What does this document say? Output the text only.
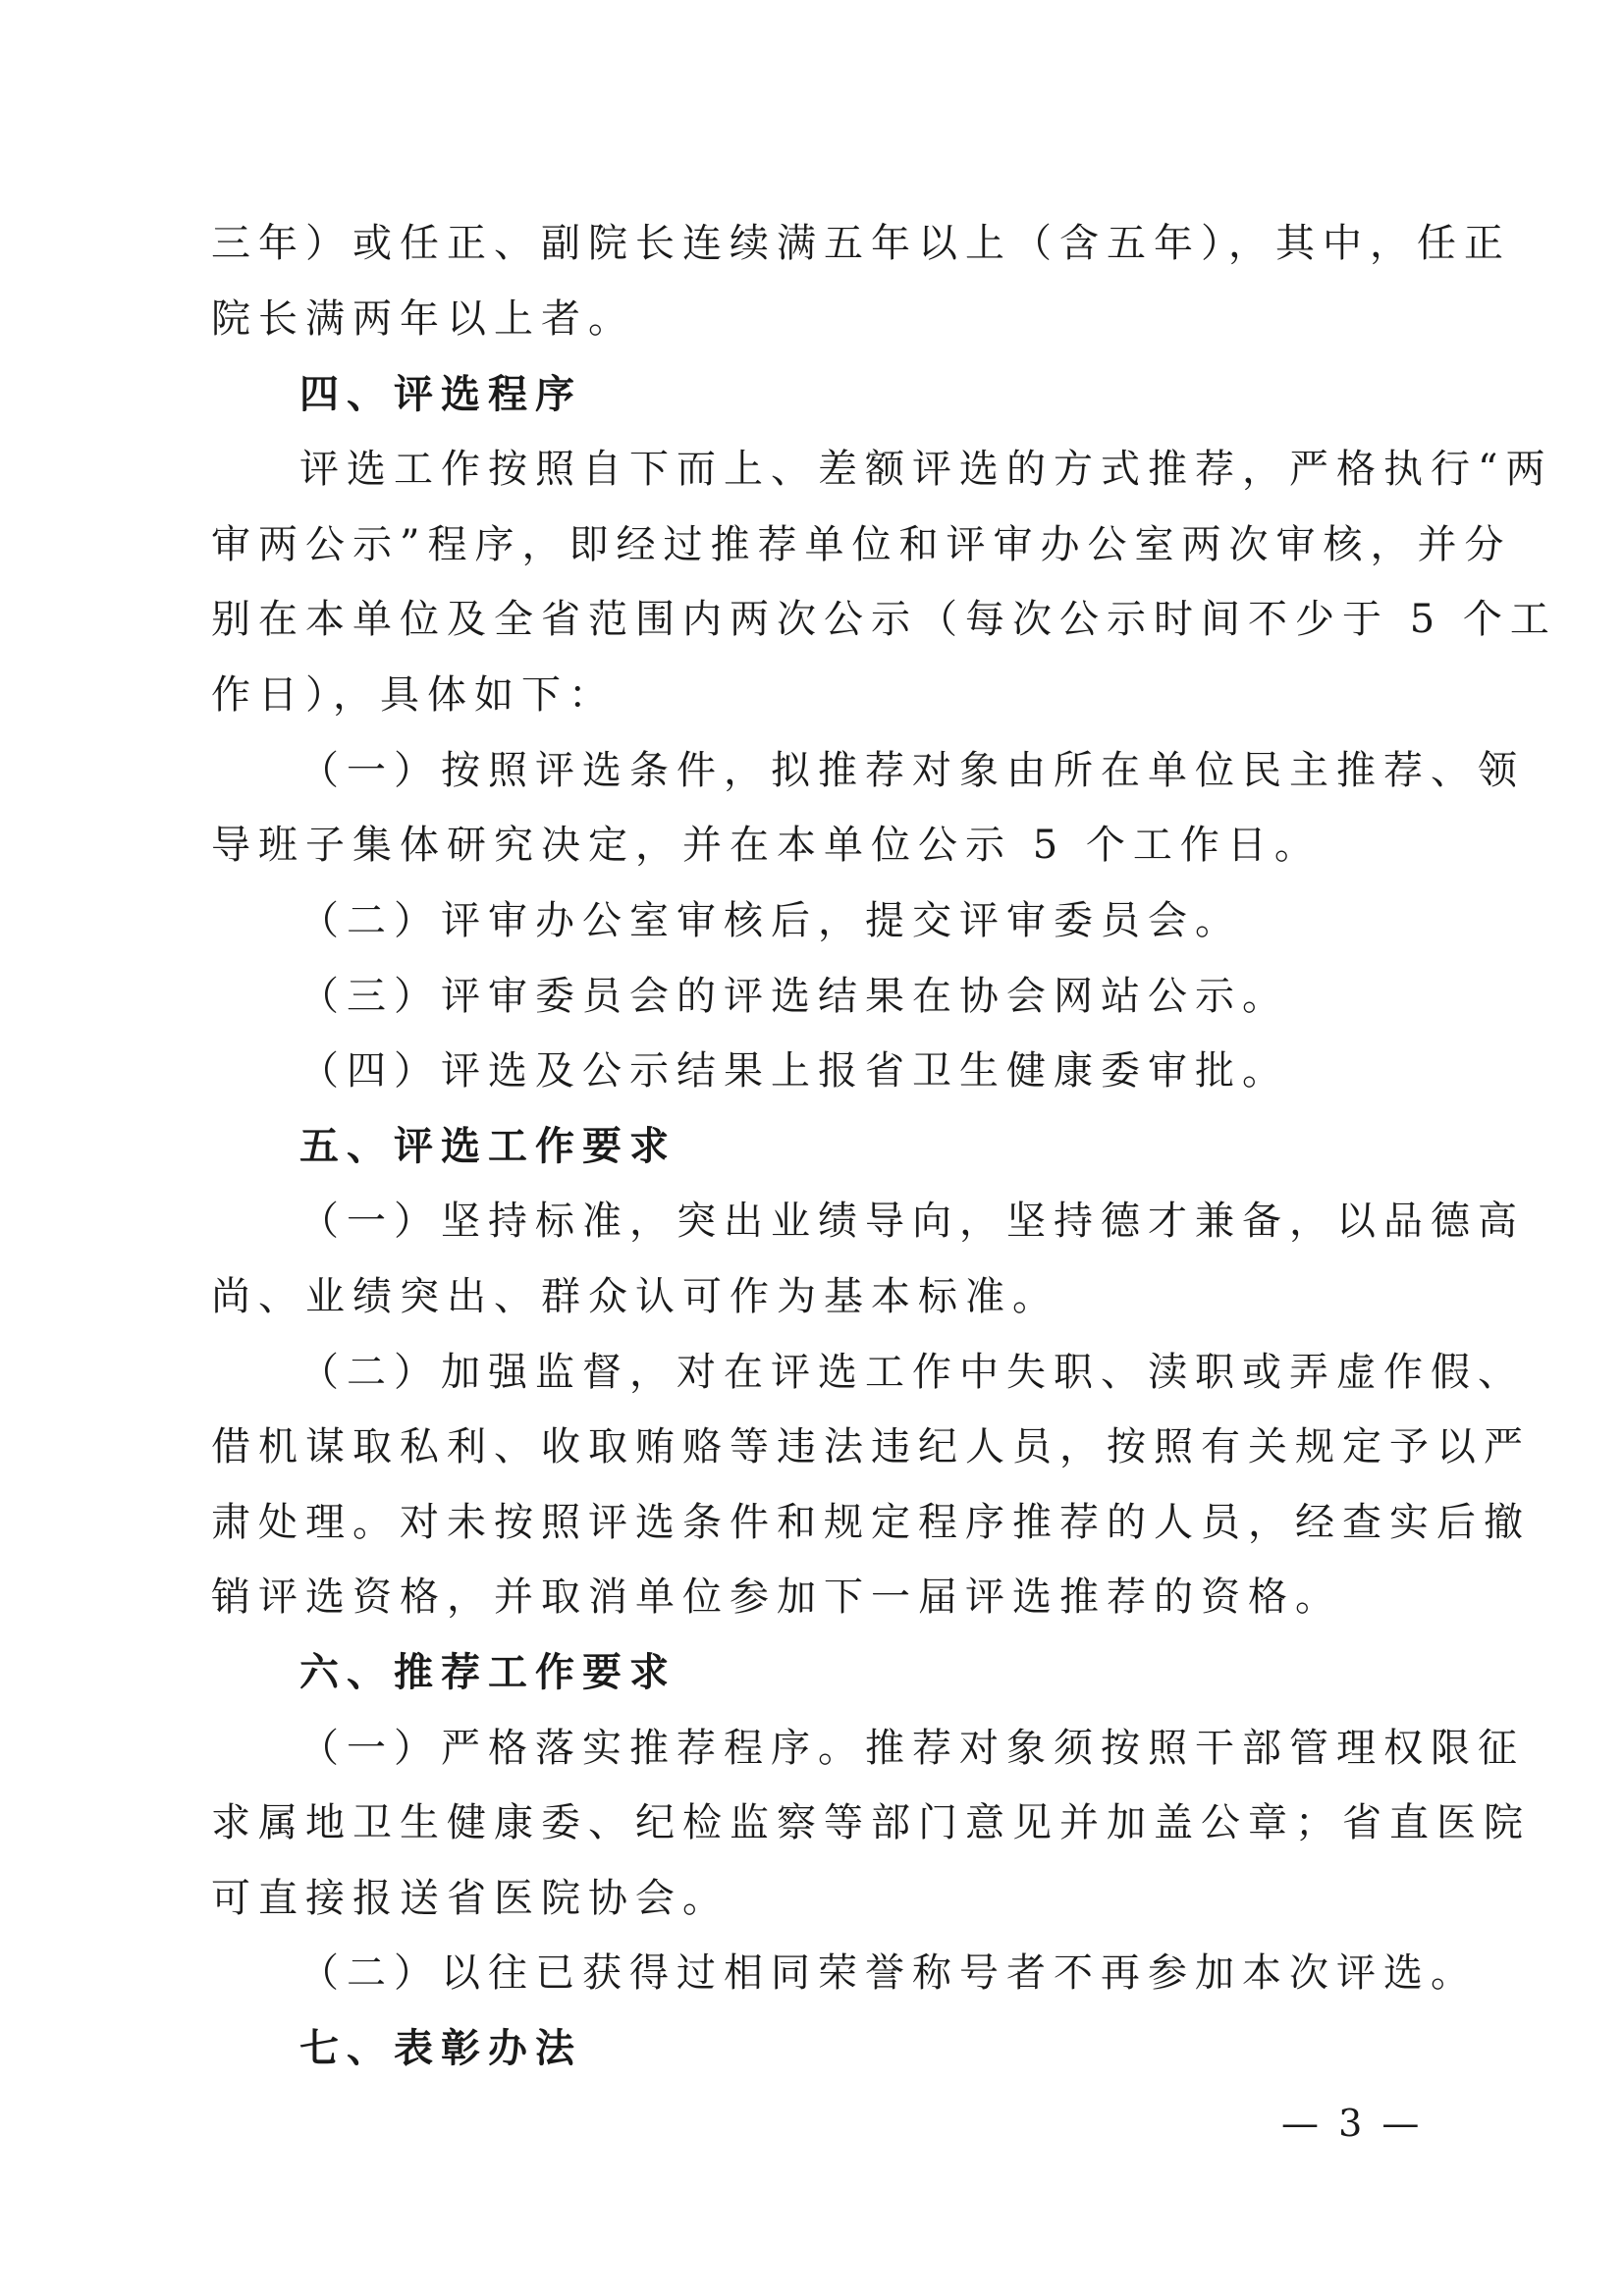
三年）或任正、副院长连续满五年以上（含五年），其中，任正
院长满两年以上者。
四、评选程序
评选工作按照自下而上、差额评选的方式推荐，严格执行“两
审两公示”程序，即经过推荐单位和评审办公室两次审核，并分
别在本单位及全省范围内两次公示（每次公示时间不少于 5 个工
作日），具体如下：
（一）按照评选条件，拟推荐对象由所在单位民主推荐、领
导班子集体研究决定，并在本单位公示 5 个工作日。
（二）评审办公室审核后，提交评审委员会。
（三）评审委员会的评选结果在协会网站公示。
（四）评选及公示结果上报省卫生健康委审批。
五、评选工作要求
（一）坚持标准，突出业绩导向，坚持德才兼备，以品德高
尚、业绩突出、群众认可作为基本标准。
（二）加强监督，对在评选工作中失职、渎职或弄虚作假、
借机谋取私利、收取贿赂等违法违纪人员，按照有关规定予以严
肃处理。对未按照评选条件和规定程序推荐的人员，经查实后撤
销评选资格，并取消单位参加下一届评选推荐的资格。
六、推荐工作要求
（一）严格落实推荐程序。推荐对象须按照干部管理权限征
求属地卫生健康委、纪检监察等部门意见并加盖公章；省直医院
可直接报送省医院协会。
（二）以往已获得过相同荣誉称号者不再参加本次评选。
七、表彰办法
— 3 —
